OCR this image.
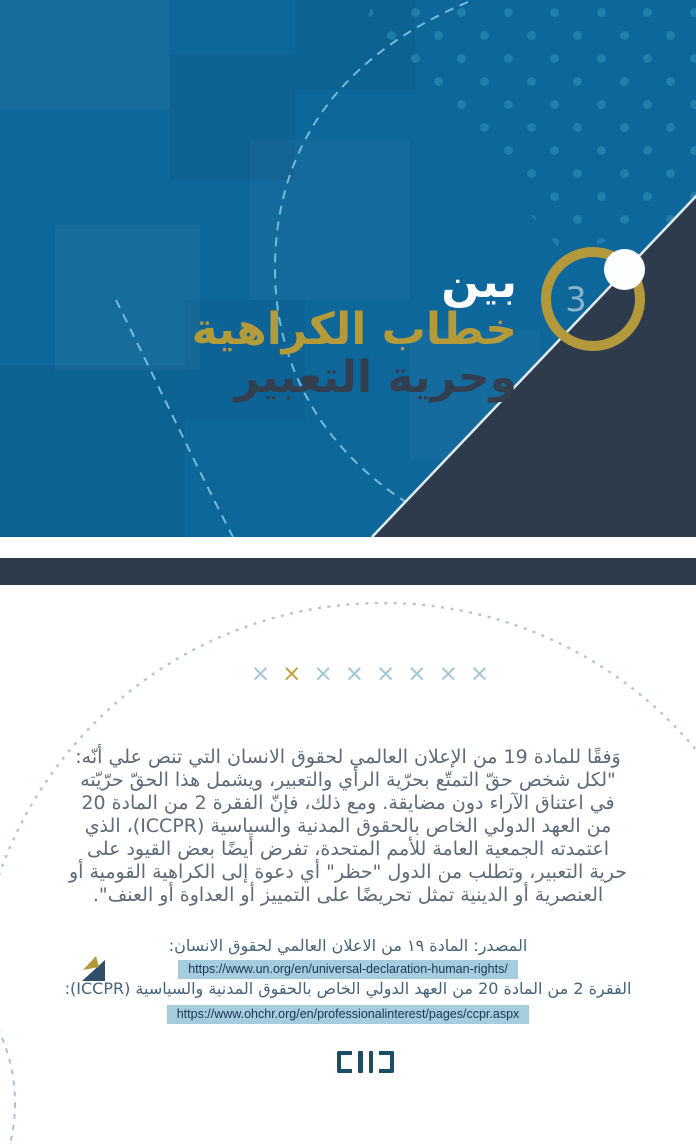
3
بين
خطاب الكراهية
وحرية التعبير
× × × × × × × ×
وَفقًا للمادة 19 من الإعلان العالمي لحقوق الانسان التي تنص علي أنّه:
"لكل شخص حقّ التمتّع بحرّية الرأي والتعبير، ويشمل هذا الحقّ حرّيّته
في اعتناق الآراء دون مضايقة. ومع ذلك، فإنّ الفقرة 2 من المادة 20
من العهد الدولي الخاص بالحقوق المدنية والسياسية (ICCPR)، الذي
اعتمدته الجمعية العامة للأمم المتحدة، تفرض أيضًا بعض القيود على
حرية التعبير، وتطلب من الدول "حظر" أي دعوة إلى الكراهية القومية أو
العنصرية أو الدينية تمثل تحريضًا على التمييز أو العداوة أو العنف".
المصدر: المادة ١٩ من الاعلان العالمي لحقوق الانسان:
https://www.un.org/en/universal-declaration-human-rights/
الفقرة 2 من المادة 20 من العهد الدولي الخاص بالحقوق المدنية والسياسية (ICCPR):
https://www.ohchr.org/en/professionalinterest/pages/ccpr.aspx
